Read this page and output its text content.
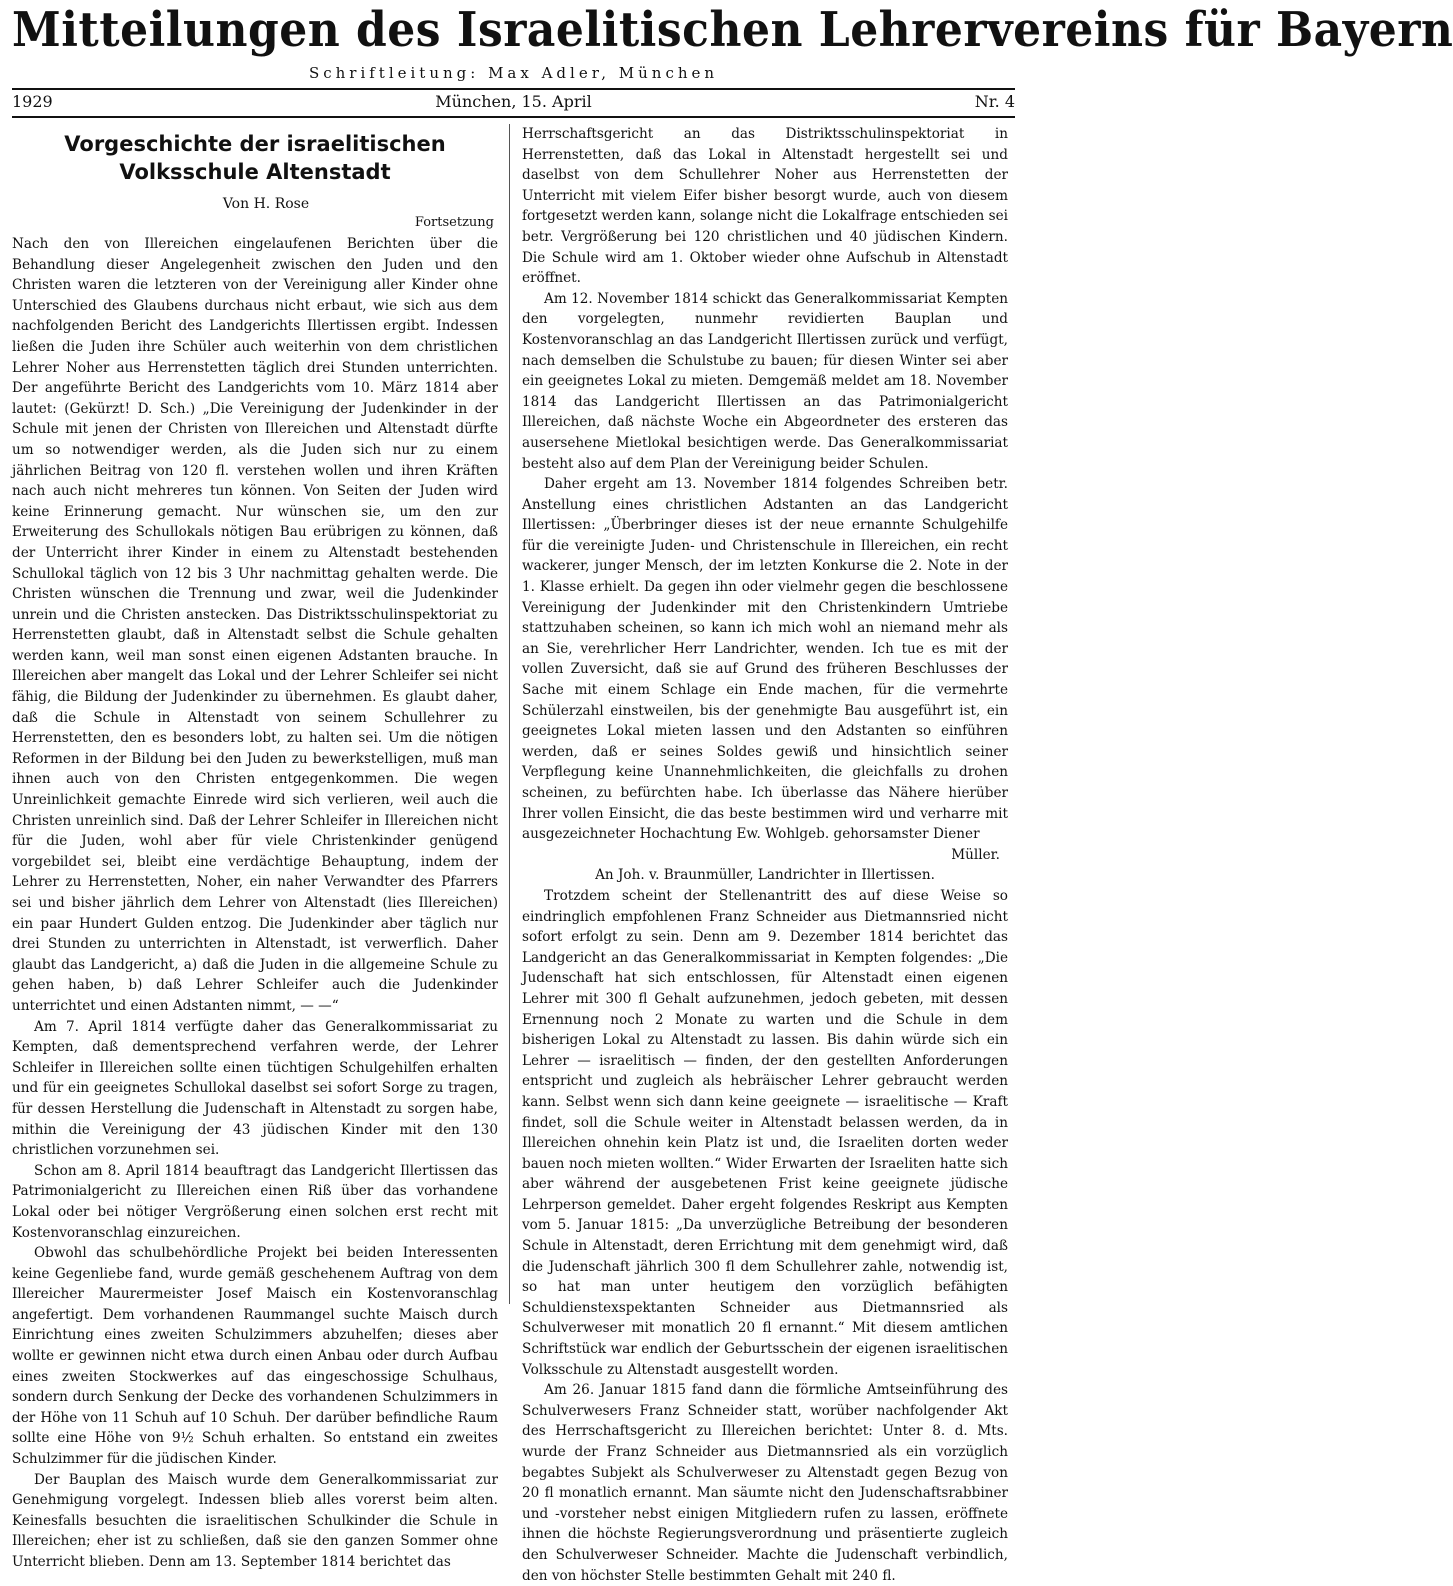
Mitteilungen des Israelitischen Lehrervereins für Bayern
Schriftleitung: Max Adler, München
1929	München, 15. April	Nr. 4
Vorgeschichte der israelitischen Volksschule Altenstadt

Von H. Rose

Fortsetzung

Nach den von Illereichen eingelaufenen Berichten über die Behandlung dieser Angelegenheit zwischen den Juden und den Christen waren die letzteren von der Vereinigung aller Kinder ohne Unterschied des Glaubens durchaus nicht erbaut, wie sich aus dem nachfolgenden Bericht des Landgerichts Illertissen ergibt. Indessen ließen die Juden ihre Schüler auch weiterhin von dem christlichen Lehrer Noher aus Herrenstetten täglich drei Stunden unterrichten. Der angeführte Bericht des Landgerichts vom 10. März 1814 aber lautet: (Gekürzt! D. Sch.) „Die Vereinigung der Judenkinder in der Schule mit jenen der Christen von Illereichen und Altenstadt dürfte um so notwendiger werden, als die Juden sich nur zu einem jährlichen Beitrag von 120 fl. verstehen wollen und ihren Kräften nach auch nicht mehreres tun können. Von Seiten der Juden wird keine Erinnerung gemacht. Nur wünschen sie, um den zur Erweiterung des Schullokals nötigen Bau erübrigen zu können, daß der Unterricht ihrer Kinder in einem zu Altenstadt bestehenden Schullokal täglich von 12 bis 3 Uhr nachmittag gehalten werde. Die Christen wünschen die Trennung und zwar, weil die Judenkinder unrein und die Christen anstecken. Das Distriktsschulinspektoriat zu Herrenstetten glaubt, daß in Altenstadt selbst die Schule gehalten werden kann, weil man sonst einen eigenen Adstanten brauche. In Illereichen aber mangelt das Lokal und der Lehrer Schleifer sei nicht fähig, die Bildung der Judenkinder zu übernehmen. Es glaubt daher, daß die Schule in Altenstadt von seinem Schullehrer zu Herrenstetten, den es besonders lobt, zu halten sei. Um die nötigen Reformen in der Bildung bei den Juden zu bewerkstelligen, muß man ihnen auch von den Christen entgegenkommen. Die wegen Unreinlichkeit gemachte Einrede wird sich verlieren, weil auch die Christen unreinlich sind. Daß der Lehrer Schleifer in Illereichen nicht für die Juden, wohl aber für viele Christenkinder genügend vorgebildet sei, bleibt eine verdächtige Behauptung, indem der Lehrer zu Herrenstetten, Noher, ein naher Verwandter des Pfarrers sei und bisher jährlich dem Lehrer von Altenstadt (lies Illereichen) ein paar Hundert Gulden entzog. Die Judenkinder aber täglich nur drei Stunden zu unterrichten in Altenstadt, ist verwerflich. Daher glaubt das Landgericht, a) daß die Juden in die allgemeine Schule zu gehen haben, b) daß Lehrer Schleifer auch die Judenkinder unterrichtet und einen Adstanten nimmt, — —“

Am 7. April 1814 verfügte daher das Generalkommissariat zu Kempten, daß dementsprechend verfahren werde, der Lehrer Schleifer in Illereichen sollte einen tüchtigen Schulgehilfen erhalten und für ein geeignetes Schullokal daselbst sei sofort Sorge zu tragen, für dessen Herstellung die Judenschaft in Altenstadt zu sorgen habe, mithin die Vereinigung der 43 jüdischen Kinder mit den 130 christlichen vorzunehmen sei.

Schon am 8. April 1814 beauftragt das Landgericht Illertissen das Patrimonialgericht zu Illereichen einen Riß über das vorhandene Lokal oder bei nötiger Vergrößerung einen solchen erst recht mit Kostenvoranschlag einzureichen.

Obwohl das schulbehördliche Projekt bei beiden Interessenten keine Gegenliebe fand, wurde gemäß geschehenem Auftrag von dem Illereicher Maurermeister Josef Maisch ein Kostenvoranschlag angefertigt. Dem vorhandenen Raummangel suchte Maisch durch Einrichtung eines zweiten Schulzimmers abzuhelfen; dieses aber wollte er gewinnen nicht etwa durch einen Anbau oder durch Aufbau eines zweiten Stockwerkes auf das eingeschossige Schulhaus, sondern durch Senkung der Decke des vorhandenen Schulzimmers in der Höhe von 11 Schuh auf 10 Schuh. Der darüber befindliche Raum sollte eine Höhe von 9½ Schuh erhalten. So entstand ein zweites Schulzimmer für die jüdischen Kinder.

Der Bauplan des Maisch wurde dem Generalkommissariat zur Genehmigung vorgelegt. Indessen blieb alles vorerst beim alten. Keinesfalls besuchten die israelitischen Schulkinder die Schule in Illereichen; eher ist zu schließen, daß sie den ganzen Sommer ohne Unterricht blieben. Denn am 13. September 1814 berichtet das

Herrschaftsgericht an das Distriktsschulinspektoriat in Herrenstetten, daß das Lokal in Altenstadt hergestellt sei und daselbst von dem Schullehrer Noher aus Herrenstetten der Unterricht mit vielem Eifer bisher besorgt wurde, auch von diesem fortgesetzt werden kann, solange nicht die Lokalfrage entschieden sei betr. Vergrößerung bei 120 christlichen und 40 jüdischen Kindern. Die Schule wird am 1. Oktober wieder ohne Aufschub in Altenstadt eröffnet.

Am 12. November 1814 schickt das Generalkommissariat Kempten den vorgelegten, nunmehr revidierten Bauplan und Kostenvoranschlag an das Landgericht Illertissen zurück und verfügt, nach demselben die Schulstube zu bauen; für diesen Winter sei aber ein geeignetes Lokal zu mieten. Demgemäß meldet am 18. November 1814 das Landgericht Illertissen an das Patrimonialgericht Illereichen, daß nächste Woche ein Abgeordneter des ersteren das ausersehene Mietlokal besichtigen werde. Das Generalkommissariat besteht also auf dem Plan der Vereinigung beider Schulen.

Daher ergeht am 13. November 1814 folgendes Schreiben betr. Anstellung eines christlichen Adstanten an das Landgericht Illertissen: „Überbringer dieses ist der neue ernannte Schulgehilfe für die vereinigte Juden- und Christenschule in Illereichen, ein recht wackerer, junger Mensch, der im letzten Konkurse die 2. Note in der 1. Klasse erhielt. Da gegen ihn oder vielmehr gegen die beschlossene Vereinigung der Judenkinder mit den Christenkindern Umtriebe stattzuhaben scheinen, so kann ich mich wohl an niemand mehr als an Sie, verehrlicher Herr Landrichter, wenden. Ich tue es mit der vollen Zuversicht, daß sie auf Grund des früheren Beschlusses der Sache mit einem Schlage ein Ende machen, für die vermehrte Schülerzahl einstweilen, bis der genehmigte Bau ausgeführt ist, ein geeignetes Lokal mieten lassen und den Adstanten so einführen werden, daß er seines Soldes gewiß und hinsichtlich seiner Verpflegung keine Unannehmlichkeiten, die gleichfalls zu drohen scheinen, zu befürchten habe. Ich überlasse das Nähere hierüber Ihrer vollen Einsicht, die das beste bestimmen wird und verharre mit ausgezeichneter Hochachtung Ew. Wohlgeb. gehorsamster Diener

Müller.

An Joh. v. Braunmüller, Landrichter in Illertissen.

Trotzdem scheint der Stellenantritt des auf diese Weise so eindringlich empfohlenen Franz Schneider aus Dietmannsried nicht sofort erfolgt zu sein. Denn am 9. Dezember 1814 berichtet das Landgericht an das Generalkommissariat in Kempten folgendes: „Die Judenschaft hat sich entschlossen, für Altenstadt einen eigenen Lehrer mit 300 fl Gehalt aufzunehmen, jedoch gebeten, mit dessen Ernennung noch 2 Monate zu warten und die Schule in dem bisherigen Lokal zu Altenstadt zu lassen. Bis dahin würde sich ein Lehrer — israelitisch — finden, der den gestellten Anforderungen entspricht und zugleich als hebräischer Lehrer gebraucht werden kann. Selbst wenn sich dann keine geeignete — israelitische — Kraft findet, soll die Schule weiter in Altenstadt belassen werden, da in Illereichen ohnehin kein Platz ist und, die Israeliten dorten weder bauen noch mieten wollten.“ Wider Erwarten der Israeliten hatte sich aber während der ausgebetenen Frist keine geeignete jüdische Lehrperson gemeldet. Daher ergeht folgendes Reskript aus Kempten vom 5. Januar 1815: „Da unverzügliche Betreibung der besonderen Schule in Altenstadt, deren Errichtung mit dem genehmigt wird, daß die Judenschaft jährlich 300 fl dem Schullehrer zahle, notwendig ist, so hat man unter heutigem den vorzüglich befähigten Schuldienstexspektanten Schneider aus Dietmannsried als Schulverweser mit monatlich 20 fl ernannt.“ Mit diesem amtlichen Schriftstück war endlich der Geburtsschein der eigenen israelitischen Volksschule zu Altenstadt ausgestellt worden.

Am 26. Januar 1815 fand dann die förmliche Amtseinführung des Schulverwesers Franz Schneider statt, worüber nachfolgender Akt des Herrschaftsgericht zu Illereichen berichtet: Unter 8. d. Mts. wurde der Franz Schneider aus Dietmannsried als ein vorzüglich begabtes Subjekt als Schulverweser zu Altenstadt gegen Bezug von 20 fl monatlich ernannt. Man säumte nicht den Judenschaftsrabbiner und -vorsteher nebst einigen Mitgliedern rufen zu lassen, eröffnete ihnen die höchste Regierungsverordnung und präsentierte zugleich den Schulverweser Schneider. Machte die Judenschaft verbindlich, den von höchster Stelle bestimmten Gehalt mit 240 fl.
